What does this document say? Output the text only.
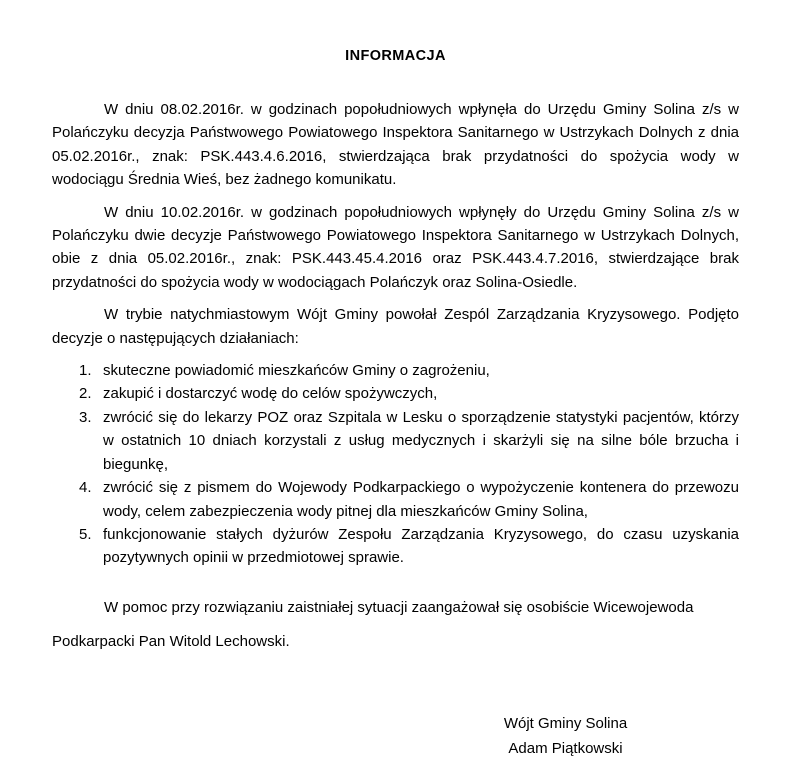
INFORMACJA

W dniu 08.02.2016r. w godzinach popołudniowych wpłynęła do Urzędu Gminy Solina z/s w Polańczyku decyzja Państwowego Powiatowego Inspektora Sanitarnego w Ustrzykach Dolnych z dnia 05.02.2016r., znak: PSK.443.4.6.2016, stwierdzająca brak przydatności do spożycia wody w wodociągu Średnia Wieś, bez żadnego komunikatu.

W dniu 10.02.2016r. w godzinach popołudniowych wpłynęły do Urzędu Gminy Solina z/s w Polańczyku dwie decyzje Państwowego Powiatowego Inspektora Sanitarnego w Ustrzykach Dolnych, obie z dnia 05.02.2016r., znak: PSK.443.45.4.2016 oraz PSK.443.4.7.2016, stwierdzające brak przydatności do spożycia wody w wodociągach Polańczyk oraz Solina-Osiedle.

W trybie natychmiastowym Wójt Gminy powołał Zespól Zarządzania Kryzysowego. Podjęto decyzje o następujących działaniach:

skuteczne powiadomić mieszkańców Gminy o zagrożeniu,
zakupić i dostarczyć wodę do celów spożywczych,
zwrócić się do lekarzy POZ oraz Szpitala w Lesku o sporządzenie statystyki pacjentów, którzy w ostatnich 10 dniach korzystali z usług medycznych i skarżyli się na silne bóle brzucha i biegunkę,
zwrócić się z pismem do Wojewody Podkarpackiego o wypożyczenie kontenera do przewozu wody, celem zabezpieczenia wody pitnej dla mieszkańców Gminy Solina,
funkcjonowanie stałych dyżurów Zespołu Zarządzania Kryzysowego, do czasu uzyskania pozytywnych opinii w przedmiotowej sprawie.

W pomoc przy rozwiązaniu zaistniałej sytuacji zaangażował się osobiście Wicewojewoda
Podkarpacki Pan Witold Lechowski.

Wójt Gminy Solina
Adam Piątkowski
